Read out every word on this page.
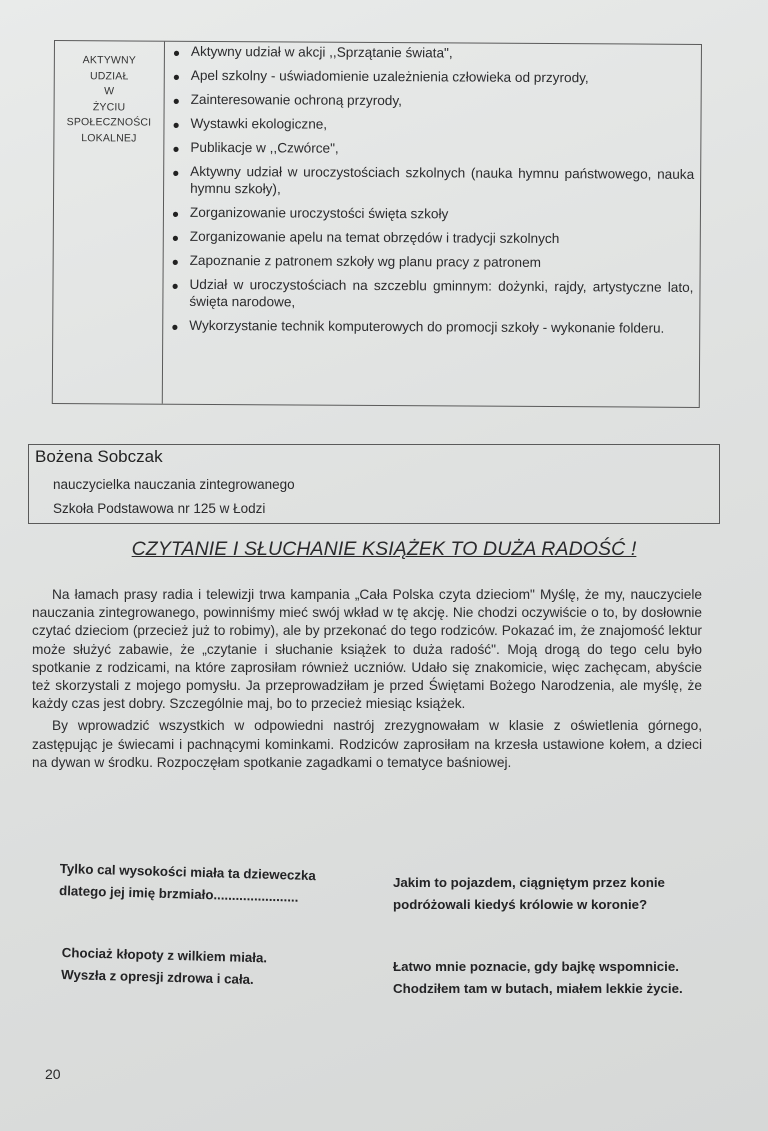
AKTYWNY
UDZIAŁ
W
ŻYCIU
SPOŁECZNOŚCI
LOKALNEJ
● Aktywny udział w akcji ,,Sprzątanie świata",
● Apel szkolny - uświadomienie uzależnienia człowieka od przyrody,
● Zainteresowanie ochroną przyrody,
● Wystawki ekologiczne,
● Publikacje w ,,Czwórce",
● Aktywny udział w uroczystościach szkolnych (nauka hymnu państwowego, nauka hymnu szkoły),
● Zorganizowanie uroczystości święta szkoły
● Zorganizowanie apelu na temat obrzędów i tradycji szkolnych
● Zapoznanie z patronem szkoły wg planu pracy z patronem
● Udział w uroczystościach na szczeblu gminnym: dożynki, rajdy, artystyczne lato, święta narodowe,
● Wykorzystanie technik komputerowych do promocji szkoły - wykonanie folderu.
Bożena Sobczak
nauczycielka nauczania zintegrowanego
Szkoła Podstawowa nr 125 w Łodzi
CZYTANIE I SŁUCHANIE KSIĄŻEK TO DUŻA RADOŚĆ !

Na łamach prasy radia i telewizji trwa kampania „Cała Polska czyta dzieciom" Myślę, że my, nauczyciele nauczania zintegrowanego, powinniśmy mieć swój wkład w tę akcję. Nie chodzi oczywiście o to, by dosłownie czytać dzieciom (przecież już to robimy), ale by przekonać do tego rodziców. Pokazać im, że znajomość lektur może służyć zabawie, że „czytanie i słuchanie książek to duża radość". Moją drogą do tego celu było spotkanie z rodzicami, na które zaprosiłam również uczniów. Udało się znakomicie, więc zachęcam, abyście też skorzystali z mojego pomysłu. Ja przeprowadziłam je przed Świętami Bożego Narodzenia, ale myślę, że każdy czas jest dobry. Szczególnie maj, bo to przecież miesiąc książek.

By wprowadzić wszystkich w odpowiedni nastrój zrezygnowałam w klasie z oświetlenia górnego, zastępując je świecami i pachnącymi kominkami. Rodziców zaprosiłam na krzesła ustawione kołem, a dzieci na dywan w środku. Rozpoczęłam spotkanie zagadkami o tematyce baśniowej.

Tylko cal wysokości miała ta dzieweczka
dlatego jej imię brzmiało.......................
Jakim to pojazdem, ciągniętym przez konie
podróżowali kiedyś królowie w koronie?
Chociaż kłopoty z wilkiem miała.
Wyszła z opresji zdrowa i cała.
Łatwo mnie poznacie, gdy bajkę wspomnicie.
Chodziłem tam w butach, miałem lekkie życie.
20
